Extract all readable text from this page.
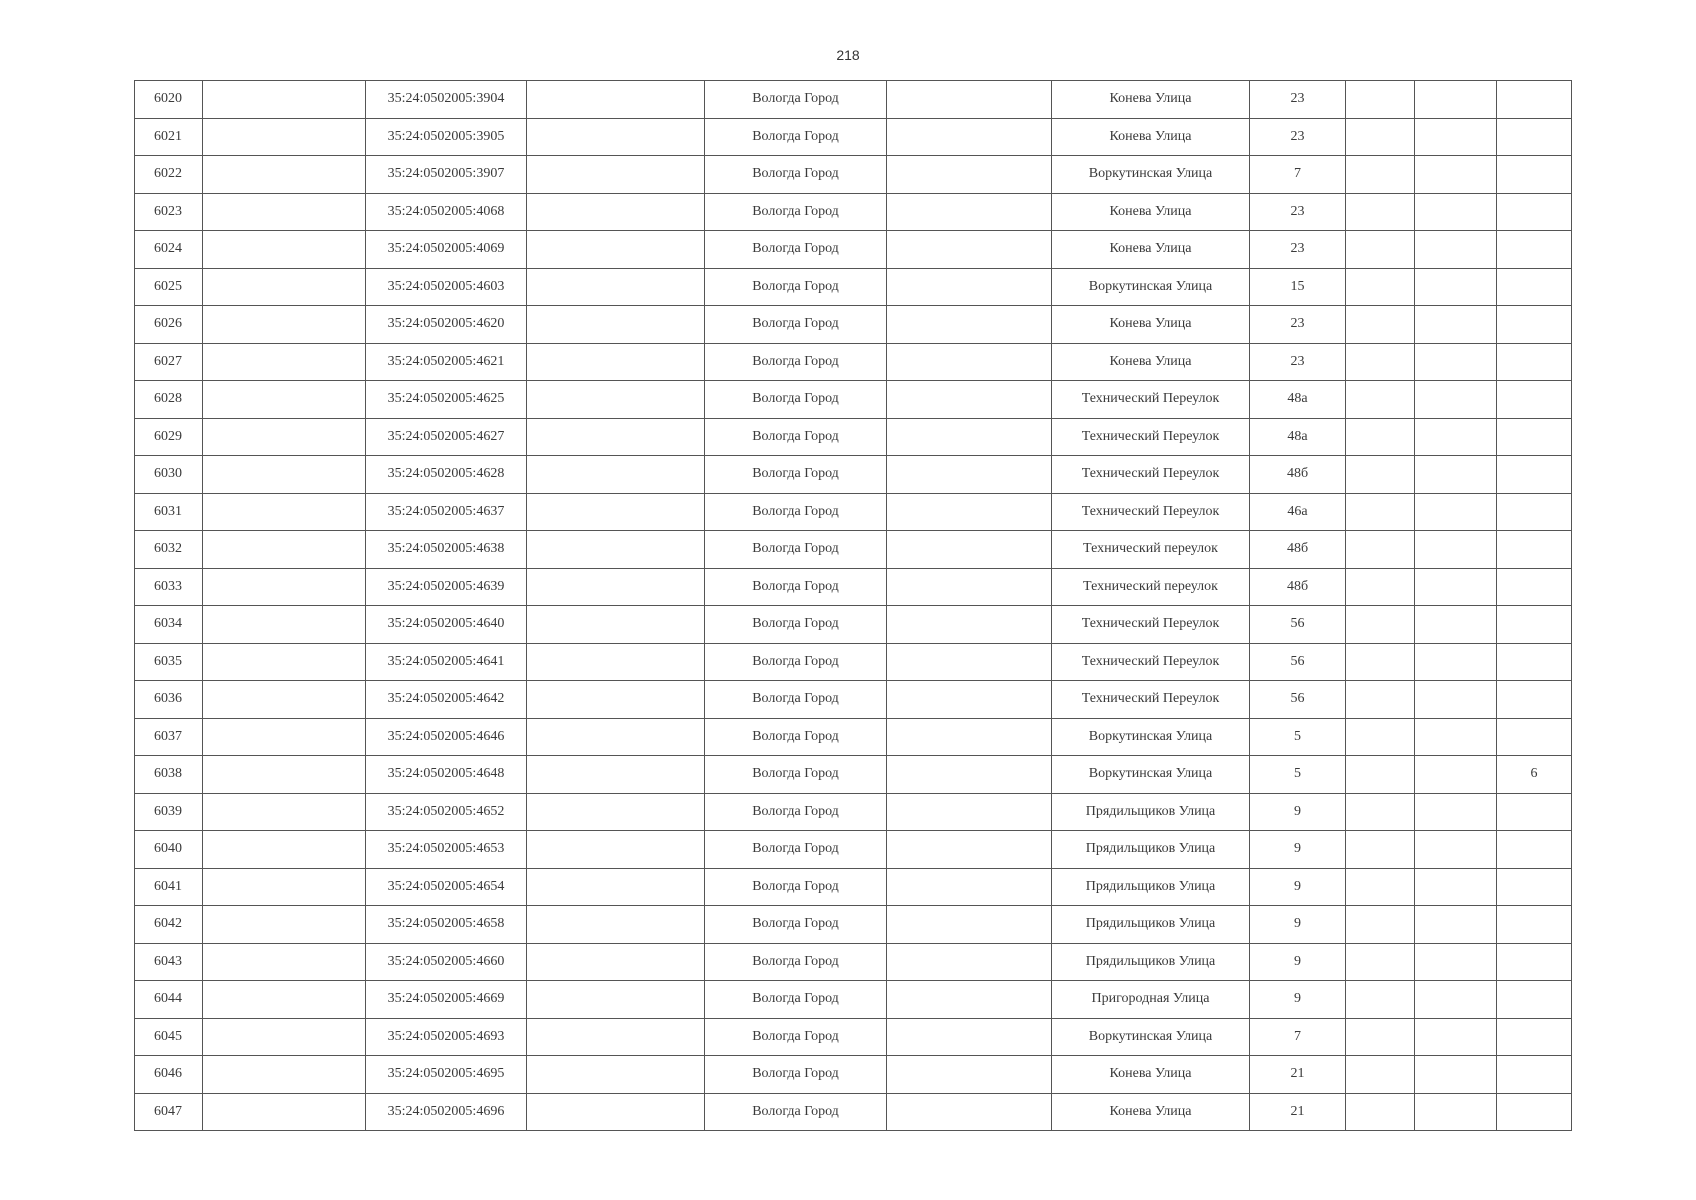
218
6020		35:24:0502005:3904		Вологда Город		Конева Улица	23			
6021		35:24:0502005:3905		Вологда Город		Конева Улица	23			
6022		35:24:0502005:3907		Вологда Город		Воркутинская Улица	7			
6023		35:24:0502005:4068		Вологда Город		Конева Улица	23			
6024		35:24:0502005:4069		Вологда Город		Конева Улица	23			
6025		35:24:0502005:4603		Вологда Город		Воркутинская Улица	15			
6026		35:24:0502005:4620		Вологда Город		Конева Улица	23			
6027		35:24:0502005:4621		Вологда Город		Конева Улица	23			
6028		35:24:0502005:4625		Вологда Город		Технический Переулок	48а			
6029		35:24:0502005:4627		Вологда Город		Технический Переулок	48а			
6030		35:24:0502005:4628		Вологда Город		Технический Переулок	48б			
6031		35:24:0502005:4637		Вологда Город		Технический Переулок	46а			
6032		35:24:0502005:4638		Вологда Город		Технический переулок	48б			
6033		35:24:0502005:4639		Вологда Город		Технический переулок	48б			
6034		35:24:0502005:4640		Вологда Город		Технический Переулок	56			
6035		35:24:0502005:4641		Вологда Город		Технический Переулок	56			
6036		35:24:0502005:4642		Вологда Город		Технический Переулок	56			
6037		35:24:0502005:4646		Вологда Город		Воркутинская Улица	5			
6038		35:24:0502005:4648		Вологда Город		Воркутинская Улица	5			6
6039		35:24:0502005:4652		Вологда Город		Прядильщиков Улица	9			
6040		35:24:0502005:4653		Вологда Город		Прядильщиков Улица	9			
6041		35:24:0502005:4654		Вологда Город		Прядильщиков Улица	9			
6042		35:24:0502005:4658		Вологда Город		Прядильщиков Улица	9			
6043		35:24:0502005:4660		Вологда Город		Прядильщиков Улица	9			
6044		35:24:0502005:4669		Вологда Город		Пригородная Улица	9			
6045		35:24:0502005:4693		Вологда Город		Воркутинская Улица	7			
6046		35:24:0502005:4695		Вологда Город		Конева Улица	21			
6047		35:24:0502005:4696		Вологда Город		Конева Улица	21			
